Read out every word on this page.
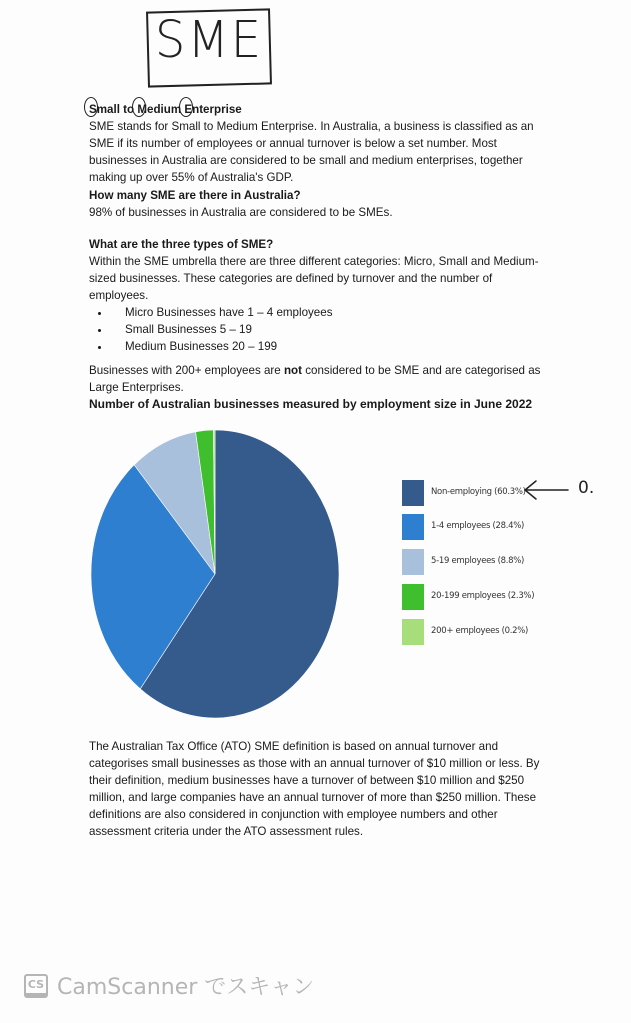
SME
Small to Medium Enterprise
SME stands for Small to Medium Enterprise. In Australia, a business is classified as an SME if its number of employees or annual turnover is below a set number. Most businesses in Australia are considered to be small and medium enterprises, together making up over 55% of Australia's GDP.
How many SME are there in Australia?
98% of businesses in Australia are considered to be SMEs.
What are the three types of SME?
Within the SME umbrella there are three different categories: Micro, Small and Medium-sized businesses. These categories are defined by turnover and the number of employees.
• Micro Businesses have 1 – 4 employees
• Small Businesses 5 – 19
• Medium Businesses 20 – 199
Businesses with 200+ employees are not considered to be SME and are categorised as Large Enterprises.
Number of Australian businesses measured by employment size in June 2022
Non-employing (60.3%)
1-4 employees (28.4%)
5-19 employees (8.8%)
20-199 employees (2.3%)
200+ employees (0.2%)
0.
The Australian Tax Office (ATO) SME definition is based on annual turnover and categorises small businesses as those with an annual turnover of $10 million or less. By their definition, medium businesses have a turnover of between $10 million and $250 million, and large companies have an annual turnover of more than $250 million. These definitions are also considered in conjunction with employee numbers and other assessment criteria under the ATO assessment rules.
CS CamScanner でスキャン
